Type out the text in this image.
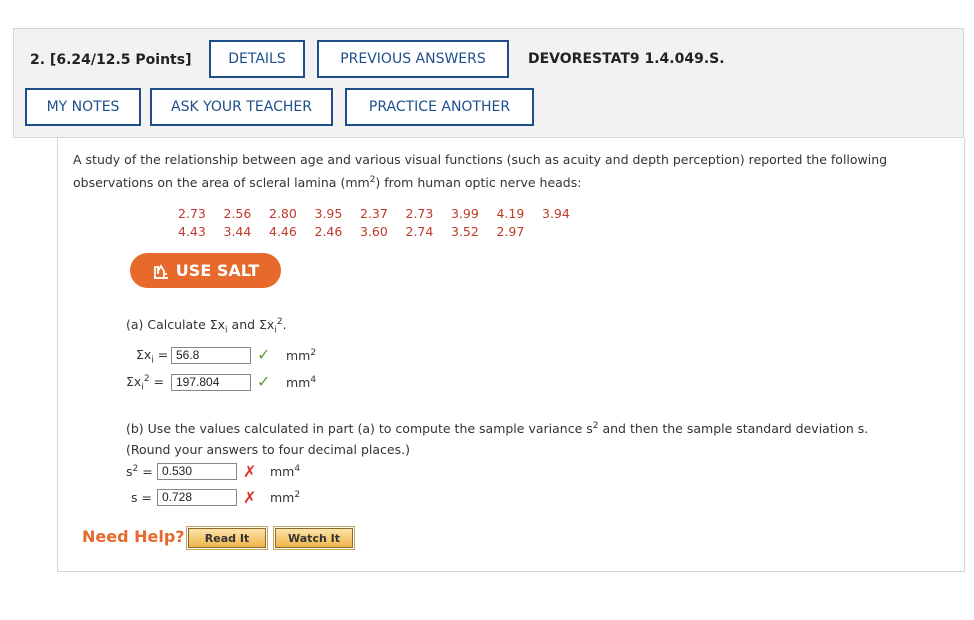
2. [6.24/12.5 Points]	DETAILS	PREVIOUS ANSWERS	DEVORESTAT9 1.4.049.S.
MY NOTES	ASK YOUR TEACHER	PRACTICE ANOTHER
A study of the relationship between age and various visual functions (such as acuity and depth perception) reported the following
observations on the area of scleral lamina $(mm^2)$ from human optic nerve heads:
2.73	2.56	2.80	3.95	2.37	2.73	3.99	4.19	3.94
4.43	3.44	4.46	2.46	3.60	2.74	3.52	2.97
USE SALT
(a) Calculate $\Sigma x_i$ and $\Sigma x_i^2$.
$\Sigma x_i = 56.8$	✓ $mm^2$
$\Sigma x_i^2$ =	197.804	✓ $mm^4$
(b) Use the values calculated in part (a) to compute the sample variance $s^2$ and then the sample standard deviation s.
(Round your answers to four decimal places.)
$s^2 = 0.530$	✗ $mm^4$
s = 0.728	✗ $mm^2$
Need Help?	Read It	Watch It
